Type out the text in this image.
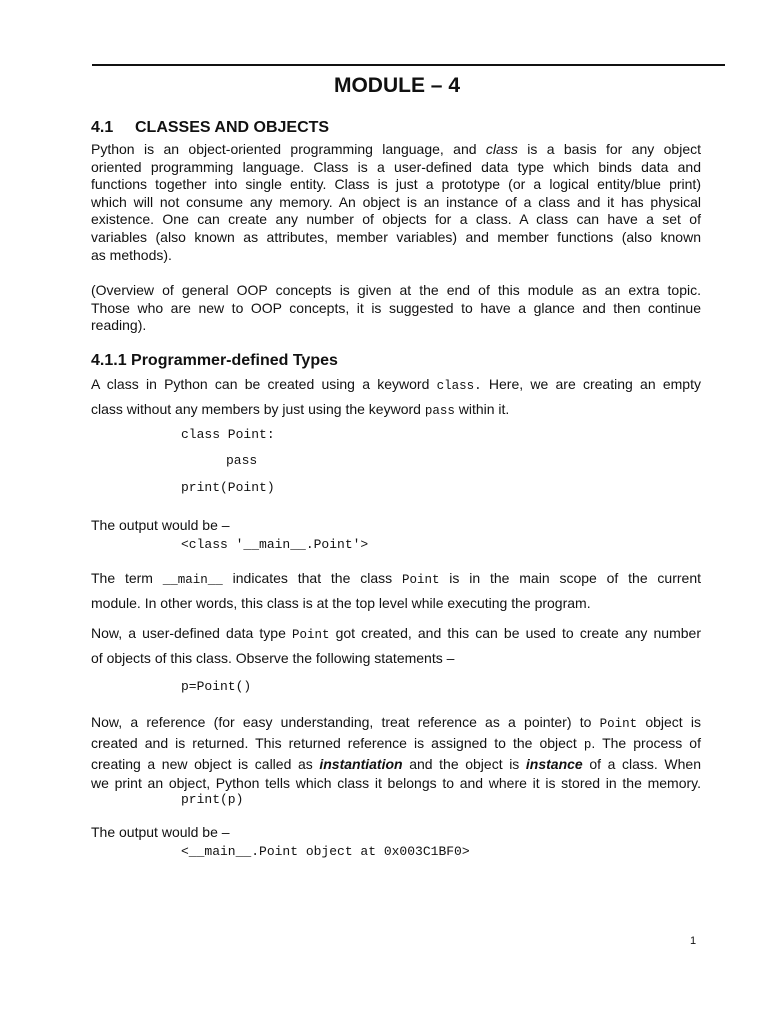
MODULE – 4
4.1 CLASSES AND OBJECTS
Python is an object-oriented programming language, and class is a basis for any object
oriented programming language. Class is a user-defined data type which binds data and
functions together into single entity. Class is just a prototype (or a logical entity/blue print)
which will not consume any memory. An object is an instance of a class and it has physical
existence. One can create any number of objects for a class. A class can have a set of
variables (also known as attributes, member variables) and member functions (also known
as methods).
(Overview of general OOP concepts is given at the end of this module as an extra topic.
Those who are new to OOP concepts, it is suggested to have a glance and then continue
reading).
4.1.1 Programmer-defined Types
A class in Python can be created using a keyword class. Here, we are creating an empty
class without any members by just using the keyword pass within it.
class Point:
pass
print(Point)
The output would be –
<class '__main__.Point'>
The term __main__ indicates that the class Point is in the main scope of the current
module. In other words, this class is at the top level while executing the program.
Now, a user-defined data type Point got created, and this can be used to create any number
of objects of this class. Observe the following statements –
p=Point()
Now, a reference (for easy understanding, treat reference as a pointer) to Point object is
created and is returned. This returned reference is assigned to the object p. The process of
creating a new object is called as instantiation and the object is instance of a class. When
we print an object, Python tells which class it belongs to and where it is stored in the memory.
print(p)
The output would be –
<__main__.Point object at 0x003C1BF0>
1
